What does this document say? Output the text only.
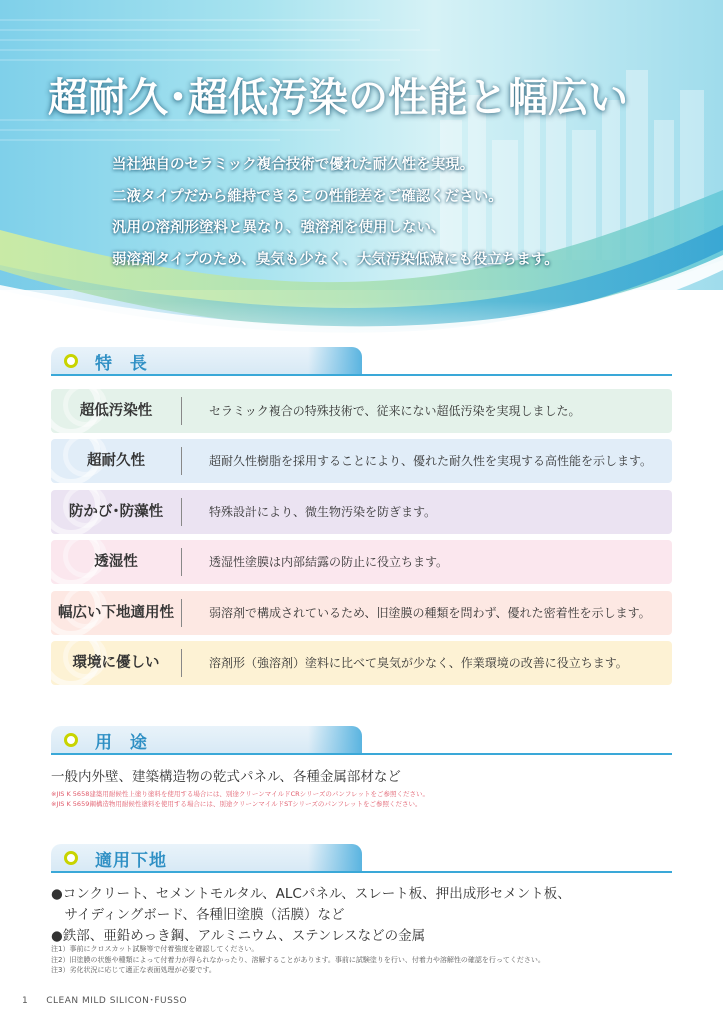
超耐久･超低汚染の性能と幅広い
当社独自のセラミック複合技術で優れた耐久性を実現。
二液タイプだから維持できるこの性能差をご確認ください。
汎用の溶剤形塗料と異なり、強溶剤を使用しない、
弱溶剤タイプのため、臭気も少なく、大気汚染低減にも役立ちます。
特 長
超低汚染性	セラミック複合の特殊技術で、従来にない超低汚染を実現しました。
超耐久性	超耐久性樹脂を採用することにより、優れた耐久性を実現する高性能を示します。
防かび･防藻性	特殊設計により、微生物汚染を防ぎます。
透湿性	透湿性塗膜は内部結露の防止に役立ちます。
幅広い下地適用性	弱溶剤で構成されているため、旧塗膜の種類を問わず、優れた密着性を示します。
環境に優しい	溶剤形（強溶剤）塗料に比べて臭気が少なく、作業環境の改善に役立ちます。
用 途
一般内外壁、建築構造物の乾式パネル、各種金属部材など
※JIS K 5658建築用耐候性上塗り塗料を使用する場合には、別途クリーンマイルドCRシリーズのパンフレットをご参照ください。
※JIS K 5659鋼構造物用耐候性塗料を使用する場合には、別途クリーンマイルドSTシリーズのパンフレットをご参照ください。
適用下地
●コンクリート、セメントモルタル、ALCパネル、スレート板、押出成形セメント板、
　サイディングボード、各種旧塗膜（活膜）など
●鉄部、亜鉛めっき鋼、アルミニウム、ステンレスなどの金属
注1）事前にクロスカット試験等で付着強度を確認してください。
注2）旧塗膜の状態や種類によって付着力が得られなかったり、溶解することがあります。事前に試験塗りを行い、付着力や溶解性の確認を行ってください。
注3）劣化状況に応じて適正な表面処理が必要です。
1 CLEAN MILD SILICON･FUSSO
